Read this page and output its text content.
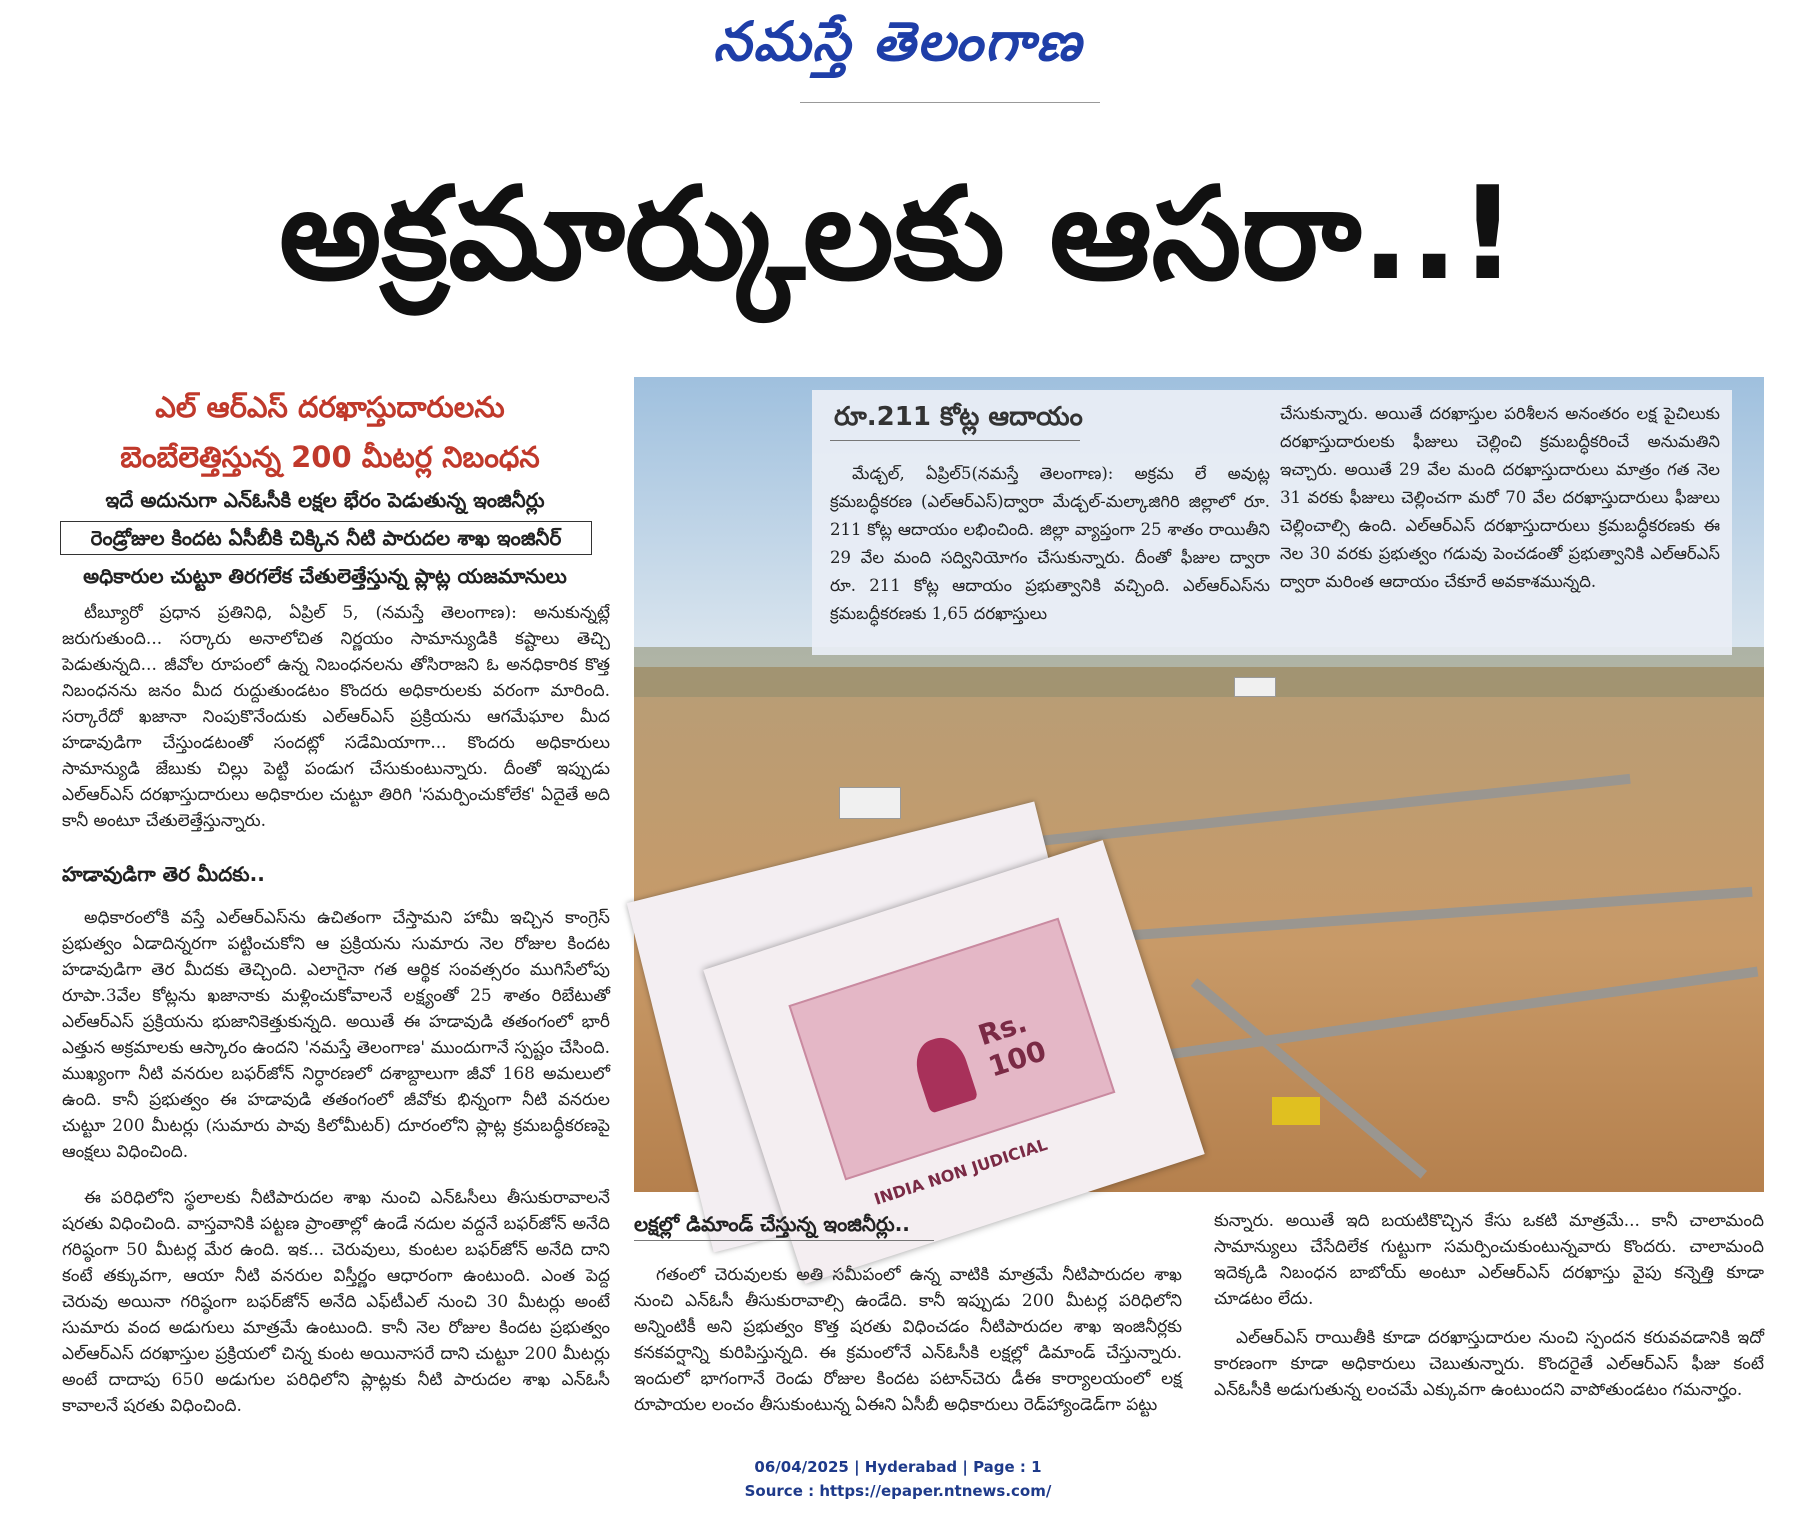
నమస్తే తెలంగాణ
అక్రమార్కులకు ఆసరా..!
ఎల్ ఆర్ఎస్ దరఖాస్తుదారులను
బెంబేలెత్తిస్తున్న 200 మీటర్ల నిబంధన
ఇదే అదునుగా ఎన్ఓసీకి లక్షల భేరం పెడుతున్న ఇంజినీర్లు
రెండ్రోజుల కిందట ఏసీబీకి చిక్కిన నీటి పారుదల శాఖ ఇంజినీర్
అధికారుల చుట్టూ తిరగలేక చేతులెత్తేస్తున్న ప్లాట్ల యజమానులు

టీబ్యూరో ప్రధాన ప్రతినిధి, ఏప్రిల్ 5, (నమస్తే తెలంగాణ): అనుకున్నట్లే జరుగుతుంది... సర్కారు అనాలోచిత నిర్ణయం సామాన్యుడికి కష్టాలు తెచ్చి పెడుతున్నది... జీవోల రూపంలో ఉన్న నిబంధనలను తోసిరాజని ఓ అనధికారిక కొత్త నిబంధనను జనం మీద రుద్దుతుండటం కొందరు అధికారులకు వరంగా మారింది. సర్కారేదో ఖజానా నింపుకొనేందుకు ఎల్ఆర్ఎస్ ప్రక్రియను ఆగమేఘాల మీద హడావుడిగా చేస్తుండటంతో సందట్లో సడేమియాగా... కొందరు అధికారులు సామాన్యుడి జేబుకు చిల్లు పెట్టి పండుగ చేసుకుంటున్నారు. దీంతో ఇప్పుడు ఎల్ఆర్ఎస్ దరఖాస్తుదారులు అధికారుల చుట్టూ తిరిగి 'సమర్పించుకోలేక' ఏదైతే అది కానీ అంటూ చేతులెత్తేస్తున్నారు.

హడావుడిగా తెర మీదకు..

అధికారంలోకి వస్తే ఎల్ఆర్ఎస్‌ను ఉచితంగా చేస్తామని హామీ ఇచ్చిన కాంగ్రెస్ ప్రభుత్వం ఏడాదిన్నరగా పట్టించుకోని ఆ ప్రక్రియను సుమారు నెల రోజుల కిందట హడావుడిగా తెర మీదకు తెచ్చింది. ఎలాగైనా గత ఆర్థిక సంవత్సరం ముగిసేలోపు రూపా.3వేల కోట్లను ఖజానాకు మళ్లించుకోవాలనే లక్ష్యంతో 25 శాతం రిబేటుతో ఎల్ఆర్ఎస్ ప్రక్రియను భుజానికెత్తుకున్నది. అయితే ఈ హడావుడి తతంగంలో భారీ ఎత్తున అక్రమాలకు ఆస్కారం ఉందని 'నమస్తే తెలంగాణ' ముందుగానే స్పష్టం చేసింది. ముఖ్యంగా నీటి వనరుల బఫర్‌జోన్ నిర్ధారణలో దశాబ్దాలుగా జీవో 168 అమలులో ఉంది. కానీ ప్రభుత్వం ఈ హడావుడి తతంగంలో జీవోకు భిన్నంగా నీటి వనరుల చుట్టూ 200 మీటర్లు (సుమారు పావు కిలోమీటర్) దూరంలోని ప్లాట్ల క్రమబద్ధీకరణపై ఆంక్షలు విధించింది.

ఈ పరిధిలోని స్థలాలకు నీటిపారుదల శాఖ నుంచి ఎన్ఓసీలు తీసుకురావాలనే షరతు విధించింది. వాస్తవానికి పట్టణ ప్రాంతాల్లో ఉండే నదుల వద్దనే బఫర్‌జోన్ అనేది గరిష్ఠంగా 50 మీటర్ల మేర ఉంది. ఇక... చెరువులు, కుంటల బఫర్‌జోన్ అనేది దాని కంటే తక్కువగా, ఆయా నీటి వనరుల విస్తీర్ణం ఆధారంగా ఉంటుంది. ఎంత పెద్ద చెరువు అయినా గరిష్ఠంగా బఫర్‌జోన్ అనేది ఎఫ్‌టీఎల్ నుంచి 30 మీటర్లు అంటే సుమారు వంద అడుగులు మాత్రమే ఉంటుంది. కానీ నెల రోజుల కిందట ప్రభుత్వం ఎల్ఆర్ఎస్ దరఖాస్తుల ప్రక్రియలో చిన్న కుంట అయినాసరే దాని చుట్టూ 200 మీటర్లు అంటే దాదాపు 650 అడుగుల పరిధిలోని ప్లాట్లకు నీటి పారుదల శాఖ ఎన్ఓసీ కావాలనే షరతు విధించింది.

Rs. 100
INDIA NON JUDICIAL
రూ.211 కోట్ల ఆదాయం

మేడ్చల్, ఏప్రిల్5(నమస్తే తెలంగాణ): అక్రమ లే అవుట్ల క్రమబద్ధీకరణ (ఎల్ఆర్ఎస్)ద్వారా మేడ్చల్-మల్కాజిగిరి జిల్లాలో రూ. 211 కోట్ల ఆదాయం లభించింది. జిల్లా వ్యాప్తంగా 25 శాతం రాయితీని 29 వేల మంది సద్వినియోగం చేసుకున్నారు. దీంతో ఫీజుల ద్వారా రూ. 211 కోట్ల ఆదాయం ప్రభుత్వానికి వచ్చింది. ఎల్ఆర్ఎస్‌ను క్రమబద్ధీకరణకు 1,65 దరఖాస్తులు

చేసుకున్నారు. అయితే దరఖాస్తుల పరిశీలన అనంతరం లక్ష పైచిలుకు దరఖాస్తుదారులకు ఫీజులు చెల్లించి క్రమబద్ధీకరించే అనుమతిని ఇచ్చారు. అయితే 29 వేల మంది దరఖాస్తుదారులు మాత్రం గత నెల 31 వరకు ఫీజులు చెల్లించగా మరో 70 వేల దరఖాస్తుదారులు ఫీజులు చెల్లించాల్సి ఉంది. ఎల్ఆర్ఎస్ దరఖాస్తుదారులు క్రమబద్ధీకరణకు ఈ నెల 30 వరకు ప్రభుత్వం గడువు పెంచడంతో ప్రభుత్వానికి ఎల్ఆర్ఎస్ ద్వారా మరింత ఆదాయం చేకూరే అవకాశమున్నది.

లక్షల్లో డిమాండ్ చేస్తున్న ఇంజినీర్లు..

గతంలో చెరువులకు అతి సమీపంలో ఉన్న వాటికి మాత్రమే నీటిపారుదల శాఖ నుంచి ఎన్ఓసీ తీసుకురావాల్సి ఉండేది. కానీ ఇప్పుడు 200 మీటర్ల పరిధిలోని అన్నింటికీ అని ప్రభుత్వం కొత్త షరతు విధించడం నీటిపారుదల శాఖ ఇంజినీర్లకు కనకవర్షాన్ని కురిపిస్తున్నది. ఈ క్రమంలోనే ఎన్ఓసీకి లక్షల్లో డిమాండ్ చేస్తున్నారు. ఇందులో భాగంగానే రెండు రోజుల కిందట పటాన్‌చెరు డీఈ కార్యాలయంలో లక్ష రూపాయల లంచం తీసుకుంటున్న ఏఈని ఏసీబీ అధికారులు రెడ్‌హ్యాండెడ్‌గా పట్టు

కున్నారు. అయితే ఇది బయటికొచ్చిన కేసు ఒకటి మాత్రమే... కానీ చాలామంది సామాన్యులు చేసేదిలేక గుట్టుగా సమర్పించుకుంటున్నవారు కొందరు. చాలామంది ఇదెక్కడి నిబంధన బాబోయ్ అంటూ ఎల్ఆర్ఎస్ దరఖాస్తు వైపు కన్నెత్తి కూడా చూడటం లేదు.

ఎల్ఆర్ఎస్ రాయితీకి కూడా దరఖాస్తుదారుల నుంచి స్పందన కరువవడానికి ఇదో కారణంగా కూడా అధికారులు చెబుతున్నారు. కొందరైతే ఎల్ఆర్ఎస్ ఫీజు కంటే ఎన్ఓసీకి అడుగుతున్న లంచమే ఎక్కువగా ఉంటుందని వాపోతుండటం గమనార్హం.

06/04/2025 | Hyderabad | Page : 1
Source : https://epaper.ntnews.com/
